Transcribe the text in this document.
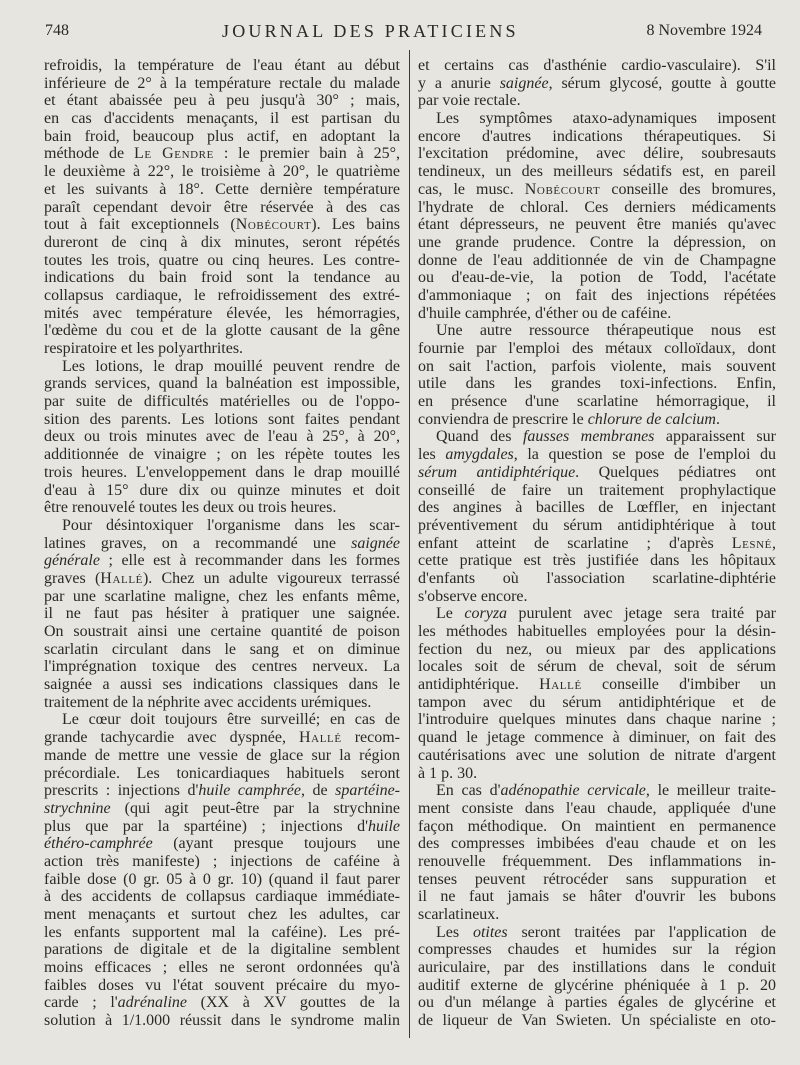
748	JOURNAL DES PRATICIENS	8 Novembre 1924
refroidis, la température de l'eau étant au début
inférieure de 2° à la température rectale du malade
et étant abaissée peu à peu jusqu'à 30° ; mais,
en cas d'accidents menaçants, il est partisan du
bain froid, beaucoup plus actif, en adoptant la
méthode de Le Gendre : le premier bain à 25°,
le deuxième à 22°, le troisième à 20°, le quatrième
et les suivants à 18°. Cette dernière température
paraît cependant devoir être réservée à des cas
tout à fait exceptionnels (Nobécourt). Les bains
dureront de cinq à dix minutes, seront répétés
toutes les trois, quatre ou cinq heures. Les contre-
indications du bain froid sont la tendance au
collapsus cardiaque, le refroidissement des extré-
mités avec température élevée, les hémorragies,
l'œdème du cou et de la glotte causant de la gêne
respiratoire et les polyarthrites.
Les lotions, le drap mouillé peuvent rendre de
grands services, quand la balnéation est impossible,
par suite de difficultés matérielles ou de l'oppo-
sition des parents. Les lotions sont faites pendant
deux ou trois minutes avec de l'eau à 25°, à 20°,
additionnée de vinaigre ; on les répète toutes les
trois heures. L'enveloppement dans le drap mouillé
d'eau à 15° dure dix ou quinze minutes et doit
être renouvelé toutes les deux ou trois heures.
Pour désintoxiquer l'organisme dans les scar-
latines graves, on a recommandé une saignée
générale ; elle est à recommander dans les formes
graves (Hallé). Chez un adulte vigoureux terrassé
par une scarlatine maligne, chez les enfants même,
il ne faut pas hésiter à pratiquer une saignée.
On soustrait ainsi une certaine quantité de poison
scarlatin circulant dans le sang et on diminue
l'imprégnation toxique des centres nerveux. La
saignée a aussi ses indications classiques dans le
traitement de la néphrite avec accidents urémiques.
Le cœur doit toujours être surveillé; en cas de
grande tachycardie avec dyspnée, Hallé recom-
mande de mettre une vessie de glace sur la région
précordiale. Les tonicardiaques habituels seront
prescrits : injections d'huile camphrée, de spartéine-
strychnine (qui agit peut-être par la strychnine
plus que par la spartéine) ; injections d'huile
éthéro-camphrée (ayant presque toujours une
action très manifeste) ; injections de caféine à
faible dose (0 gr. 05 à 0 gr. 10) (quand il faut parer
à des accidents de collapsus cardiaque immédiate-
ment menaçants et surtout chez les adultes, car
les enfants supportent mal la caféine). Les pré-
parations de digitale et de la digitaline semblent
moins efficaces ; elles ne seront ordonnées qu'à
faibles doses vu l'état souvent précaire du myo-
carde ; l'adrénaline (XX à XV gouttes de la
solution à 1/1.000 réussit dans le syndrome malin
et certains cas d'asthénie cardio-vasculaire). S'il
y a anurie saignée, sérum glycosé, goutte à goutte
par voie rectale.
Les symptômes ataxo-adynamiques imposent
encore d'autres indications thérapeutiques. Si
l'excitation prédomine, avec délire, soubresauts
tendineux, un des meilleurs sédatifs est, en pareil
cas, le musc. Nobécourt conseille des bromures,
l'hydrate de chloral. Ces derniers médicaments
étant dépresseurs, ne peuvent être maniés qu'avec
une grande prudence. Contre la dépression, on
donne de l'eau additionnée de vin de Champagne
ou d'eau-de-vie, la potion de Todd, l'acétate
d'ammoniaque ; on fait des injections répétées
d'huile camphrée, d'éther ou de caféine.
Une autre ressource thérapeutique nous est
fournie par l'emploi des métaux colloïdaux, dont
on sait l'action, parfois violente, mais souvent
utile dans les grandes toxi-infections. Enfin,
en présence d'une scarlatine hémorragique, il
conviendra de prescrire le chlorure de calcium.
Quand des fausses membranes apparaissent sur
les amygdales, la question se pose de l'emploi du
sérum antidiphtérique. Quelques pédiatres ont
conseillé de faire un traitement prophylactique
des angines à bacilles de Lœffler, en injectant
préventivement du sérum antidiphtérique à tout
enfant atteint de scarlatine ; d'après Lesné,
cette pratique est très justifiée dans les hôpitaux
d'enfants où l'association scarlatine-diphtérie
s'observe encore.
Le coryza purulent avec jetage sera traité par
les méthodes habituelles employées pour la désin-
fection du nez, ou mieux par des applications
locales soit de sérum de cheval, soit de sérum
antidiphtérique. Hallé conseille d'imbiber un
tampon avec du sérum antidiphtérique et de
l'introduire quelques minutes dans chaque narine ;
quand le jetage commence à diminuer, on fait des
cautérisations avec une solution de nitrate d'argent
à 1 p. 30.
En cas d'adénopathie cervicale, le meilleur traite-
ment consiste dans l'eau chaude, appliquée d'une
façon méthodique. On maintient en permanence
des compresses imbibées d'eau chaude et on les
renouvelle fréquemment. Des inflammations in-
tenses peuvent rétrocéder sans suppuration et
il ne faut jamais se hâter d'ouvrir les bubons
scarlatineux.
Les otites seront traitées par l'application de
compresses chaudes et humides sur la région
auriculaire, par des instillations dans le conduit
auditif externe de glycérine phéniquée à 1 p. 20
ou d'un mélange à parties égales de glycérine et
de liqueur de Van Swieten. Un spécialiste en oto-
